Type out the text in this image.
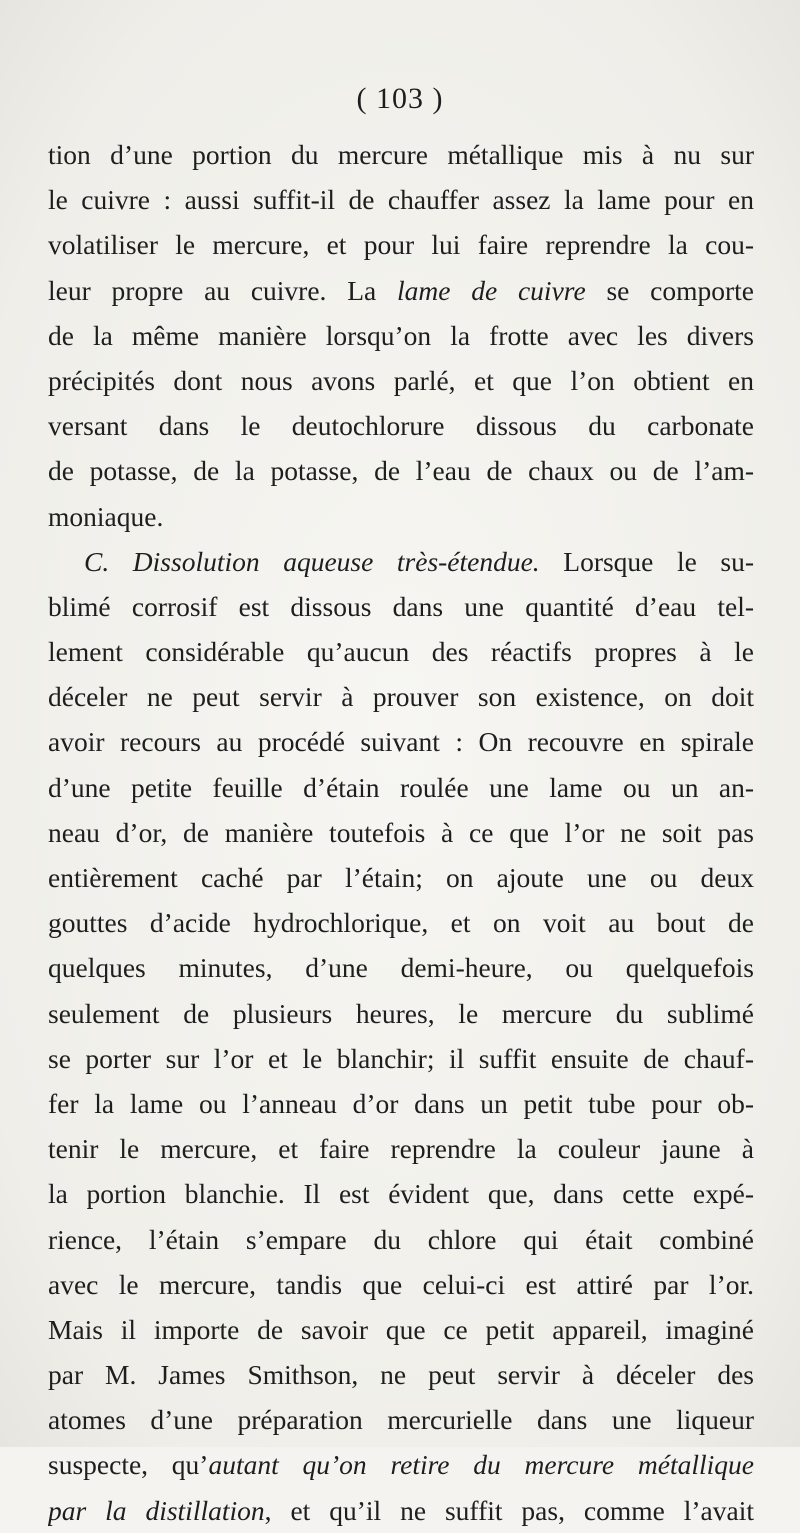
( 103 )
tion d’une portion du mercure métallique mis à nu sur
le cuivre : aussi suffit-il de chauffer assez la lame pour en
volatiliser le mercure, et pour lui faire reprendre la cou-
leur propre au cuivre. La lame de cuivre se comporte
de la même manière lorsqu’on la frotte avec les divers
précipités dont nous avons parlé, et que l’on obtient en
versant dans le deutochlorure dissous du carbonate
de potasse, de la potasse, de l’eau de chaux ou de l’am-
moniaque.
C. Dissolution aqueuse très-étendue. Lorsque le su-
blimé corrosif est dissous dans une quantité d’eau tel-
lement considérable qu’aucun des réactifs propres à le
déceler ne peut servir à prouver son existence, on doit
avoir recours au procédé suivant : On recouvre en spirale
d’une petite feuille d’étain roulée une lame ou un an-
neau d’or, de manière toutefois à ce que l’or ne soit pas
entièrement caché par l’étain; on ajoute une ou deux
gouttes d’acide hydrochlorique, et on voit au bout de
quelques minutes, d’une demi-heure, ou quelquefois
seulement de plusieurs heures, le mercure du sublimé
se porter sur l’or et le blanchir; il suffit ensuite de chauf-
fer la lame ou l’anneau d’or dans un petit tube pour ob-
tenir le mercure, et faire reprendre la couleur jaune à
la portion blanchie. Il est évident que, dans cette expé-
rience, l’étain s’empare du chlore qui était combiné
avec le mercure, tandis que celui-ci est attiré par l’or.
Mais il importe de savoir que ce petit appareil, imaginé
par M. James Smithson, ne peut servir à déceler des
atomes d’une préparation mercurielle dans une liqueur
suspecte, qu’autant qu’on retire du mercure métallique
par la distillation, et qu’il ne suffit pas, comme l’avait
